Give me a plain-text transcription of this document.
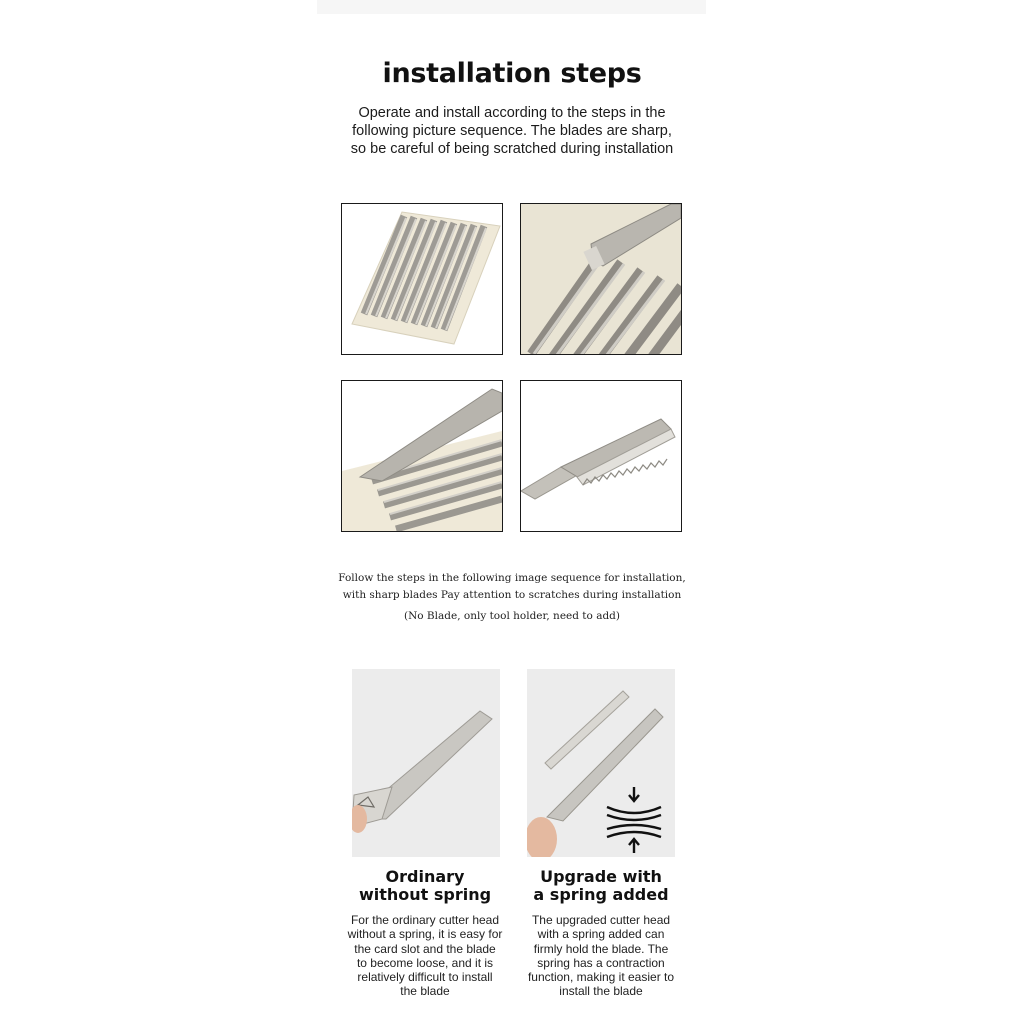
installation steps
Operate and install according to the steps in the
following picture sequence. The blades are sharp,
so be careful of being scratched during installation
Follow the steps in the following image sequence for installation,
with sharp blades Pay attention to scratches during installation
(No Blade, only tool holder, need to add)
Ordinary
without spring
Upgrade with
a spring added
For the ordinary cutter head
without a spring, it is easy for
the card slot and the blade
to become loose, and it is
relatively difficult to install
the blade
The upgraded cutter head
with a spring added can
firmly hold the blade. The
spring has a contraction
function, making it easier to
install the blade
